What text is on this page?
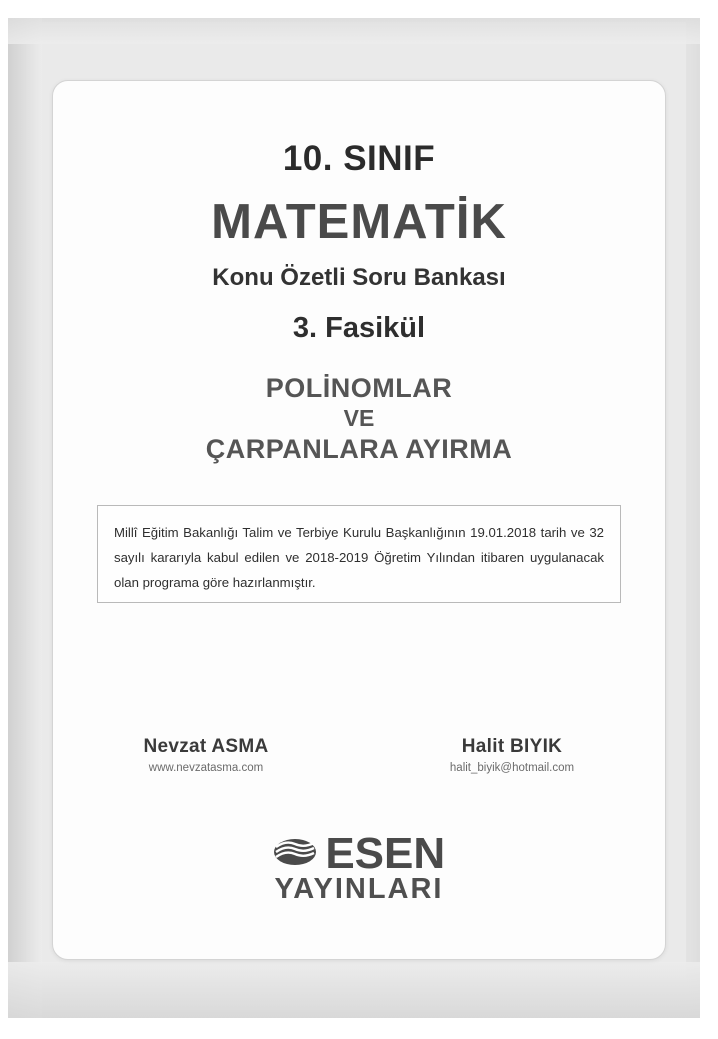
10. SINIF
MATEMATİK
Konu Özetli Soru Bankası
3. Fasikül
POLİNOMLAR
VE
ÇARPANLARA AYIRMA
Millî Eğitim Bakanlığı Talim ve Terbiye Kurulu Başkanlığının 19.01.2018 tarih ve 32 sayılı kararıyla kabul edilen ve 2018-2019 Öğretim Yılından itibaren uygulanacak olan programa göre hazırlanmıştır.
Nevzat ASMA
www.nevzatasma.com
Halit BIYIK
halit_biyik@hotmail.com
ESEN
YAYINLARI
